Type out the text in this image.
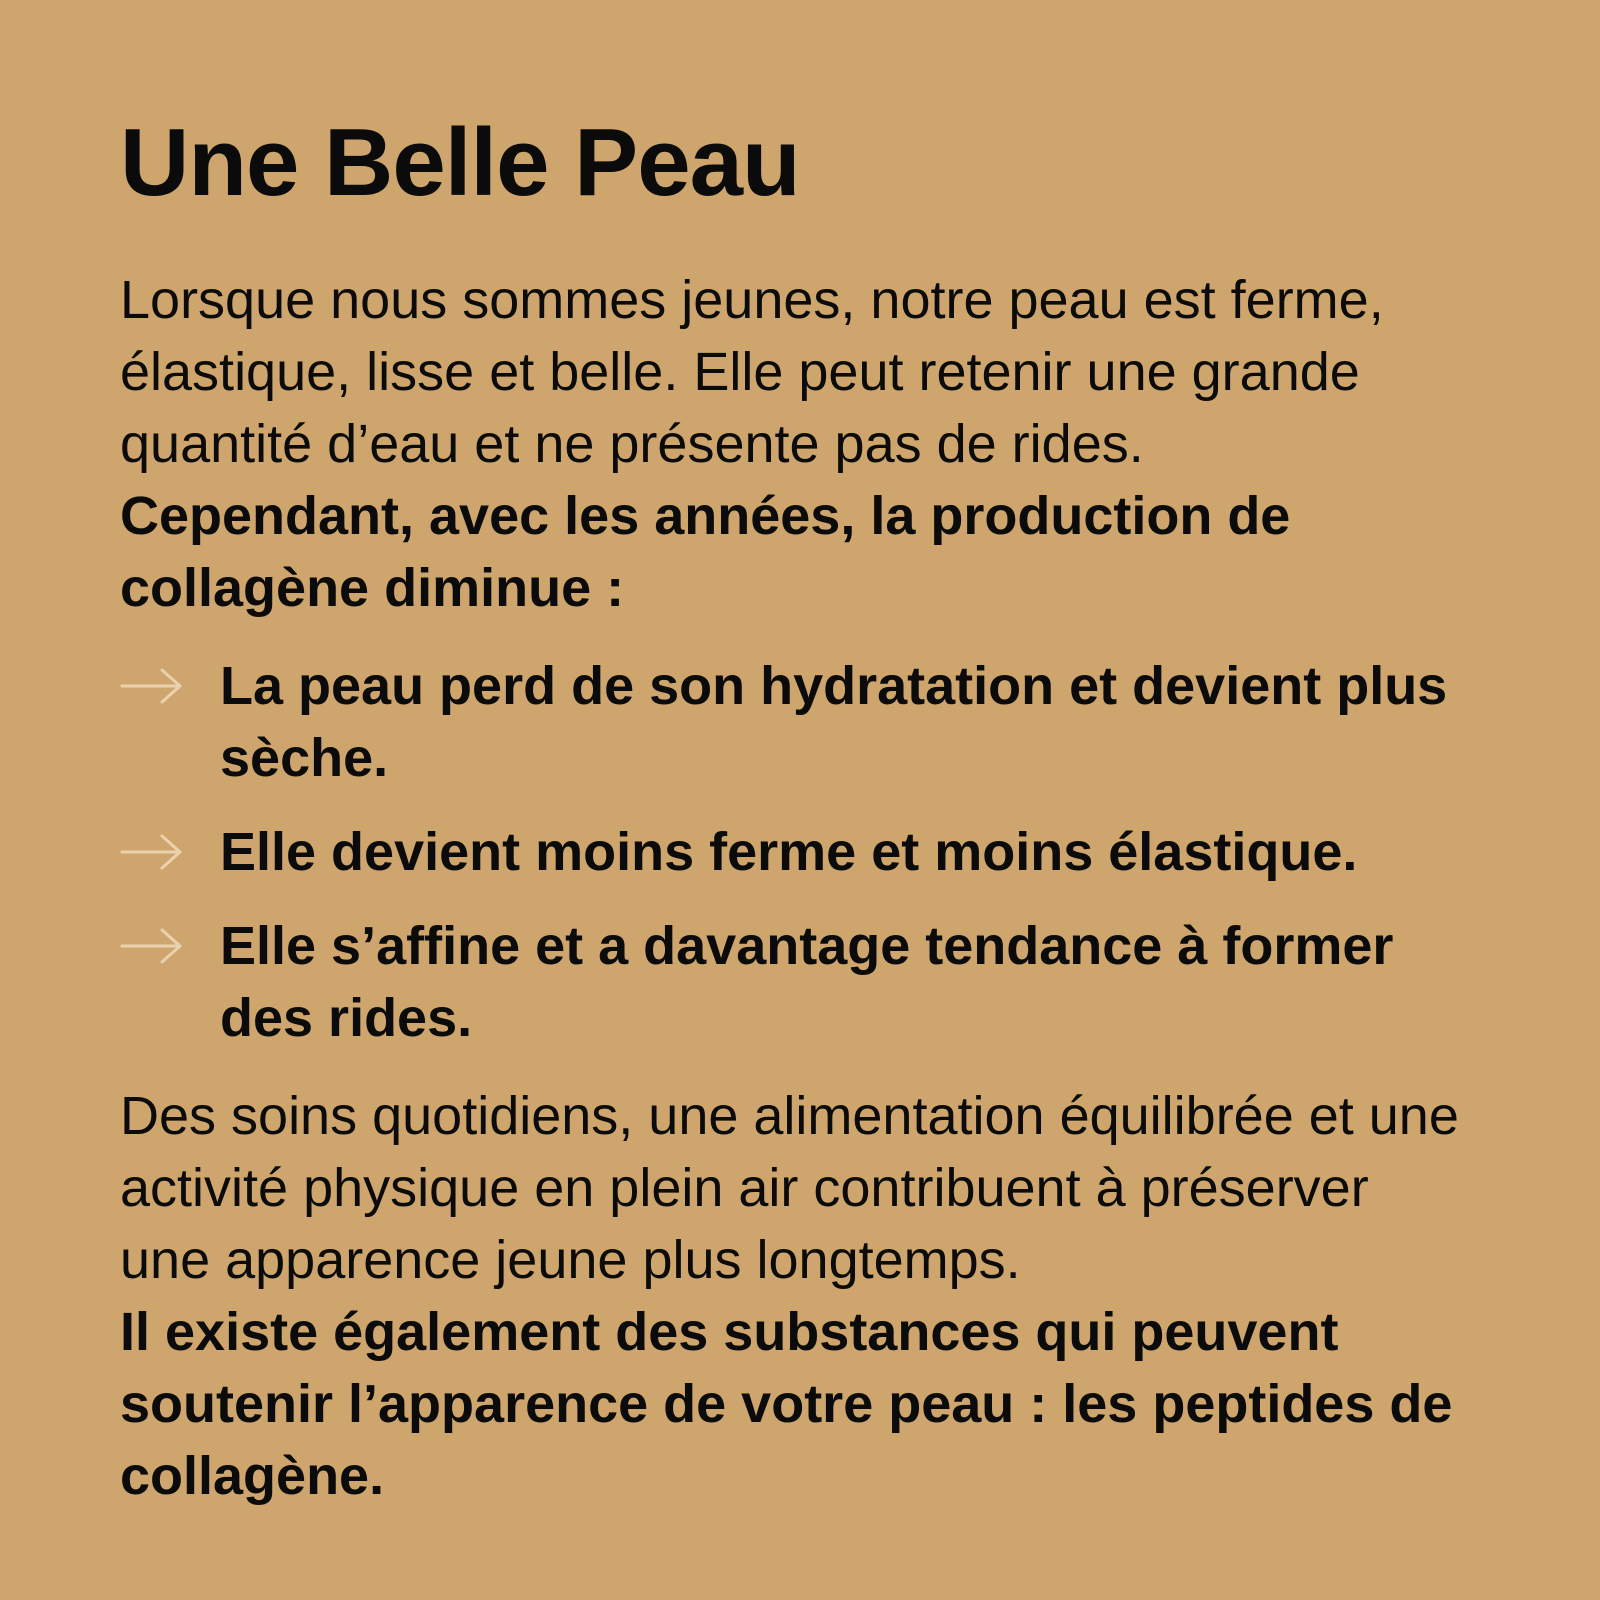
Une Belle Peau

Lorsque nous sommes jeunes, notre peau est ferme, élastique, lisse et belle. Elle peut retenir une grande quantité d’eau et ne présente pas de rides.
Cependant, avec les années, la production de collagène diminue :

La peau perd de son hydratation et devient plus sèche.
Elle devient moins ferme et moins élastique.
Elle s’affine et a davantage tendance à former des rides.

Des soins quotidiens, une alimentation équilibrée et une activité physique en plein air contribuent à préserver une apparence jeune plus longtemps.
Il existe également des substances qui peuvent soutenir l’apparence de votre peau : les peptides de collagène.
